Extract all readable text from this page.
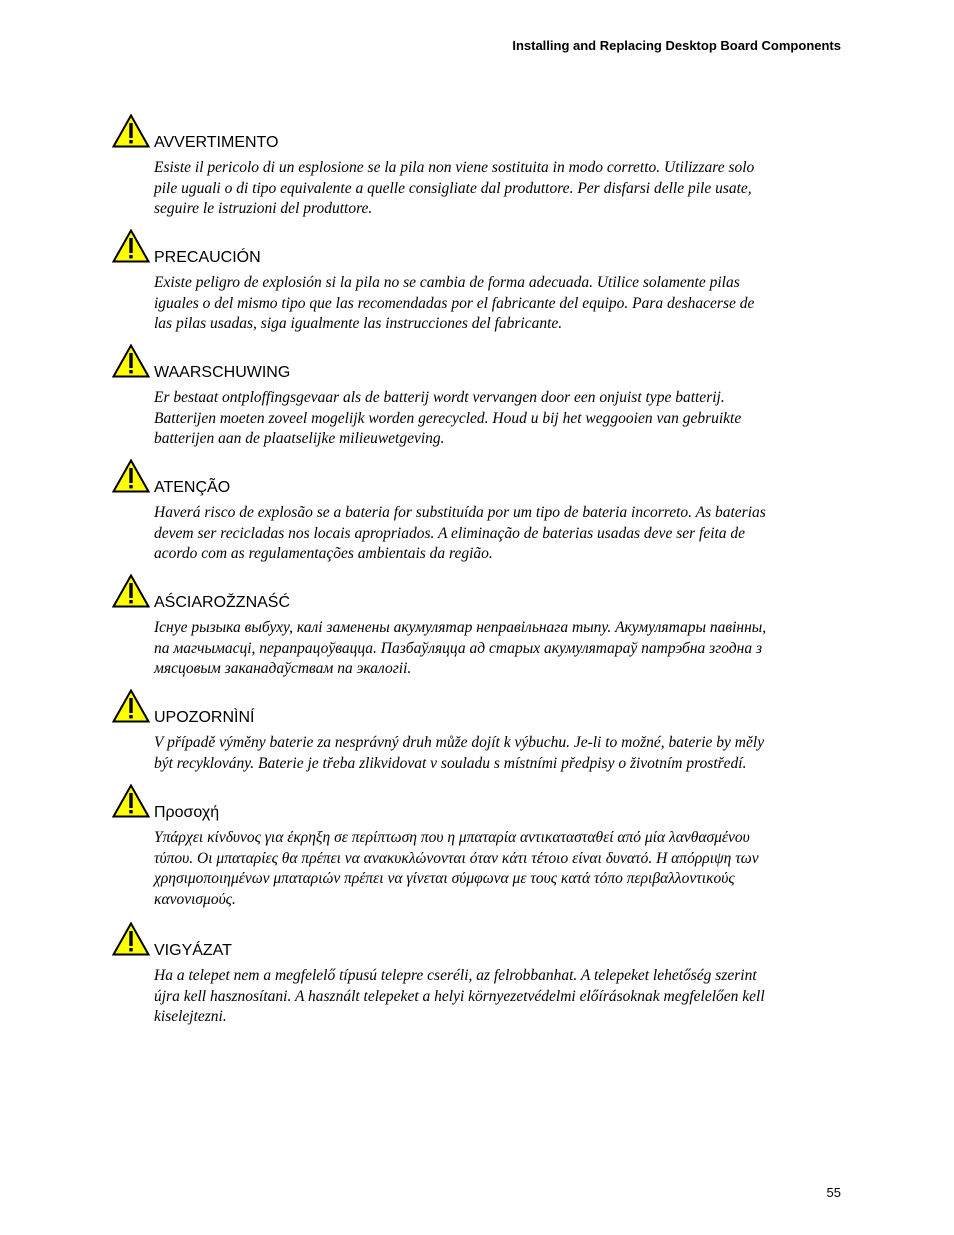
Installing and Replacing Desktop Board Components
AVVERTIMENTO
Esiste il pericolo di un esplosione se la pila non viene sostituita in modo corretto. Utilizzare solo
pile uguali o di tipo equivalente a quelle consigliate dal produttore. Per disfarsi delle pile usate,
seguire le istruzioni del produttore.
PRECAUCIÓN
Existe peligro de explosión si la pila no se cambia de forma adecuada. Utilice solamente pilas
iguales o del mismo tipo que las recomendadas por el fabricante del equipo. Para deshacerse de
las pilas usadas, siga igualmente las instrucciones del fabricante.
WAARSCHUWING
Er bestaat ontploffingsgevaar als de batterij wordt vervangen door een onjuist type batterij.
Batterijen moeten zoveel mogelijk worden gerecycled. Houd u bij het weggooien van gebruikte
batterijen aan de plaatselijke milieuwetgeving.
ATENÇÃO
Haverá risco de explosão se a bateria for substituída por um tipo de bateria incorreto. As baterias
devem ser recicladas nos locais apropriados. A eliminação de baterias usadas deve ser feita de
acordo com as regulamentações ambientais da região.
AŚCIAROŽZNAŚĆ
Існуе рызыка выбуху, калі заменены акумулятар неправільнага тыпу. Акумулятары павінны,
па магчымасці, перапрацоўвацца. Пазбаўляцца ад старых акумулятараў патрэбна згодна з
мясцовым заканадаўствам па экалогіі.
UPOZORNÌNÍ
V případě výměny baterie za nesprávný druh může dojít k výbuchu. Je-li to možné, baterie by měly
být recyklovány. Baterie je třeba zlikvidovat v souladu s místními předpisy o životním prostředí.
Προσοχή
Υπάρχει κίνδυνος για έκρηξη σε περίπτωση που η μπαταρία αντικατασταθεί από μία λανθασμένου
τύπου. Οι μπαταρίες θα πρέπει να ανακυκλώνονται όταν κάτι τέτοιο είναι δυνατό. Η απόρριψη των
χρησιμοποιημένων μπαταριών πρέπει να γίνεται σύμφωνα με τους κατά τόπο περιβαλλοντικούς
κανονισμούς.
VIGYÁZAT
Ha a telepet nem a megfelelő típusú telepre cseréli, az felrobbanhat. A telepeket lehetőség szerint
újra kell hasznosítani. A használt telepeket a helyi környezetvédelmi előírásoknak megfelelően kell
kiselejtezni.
55
